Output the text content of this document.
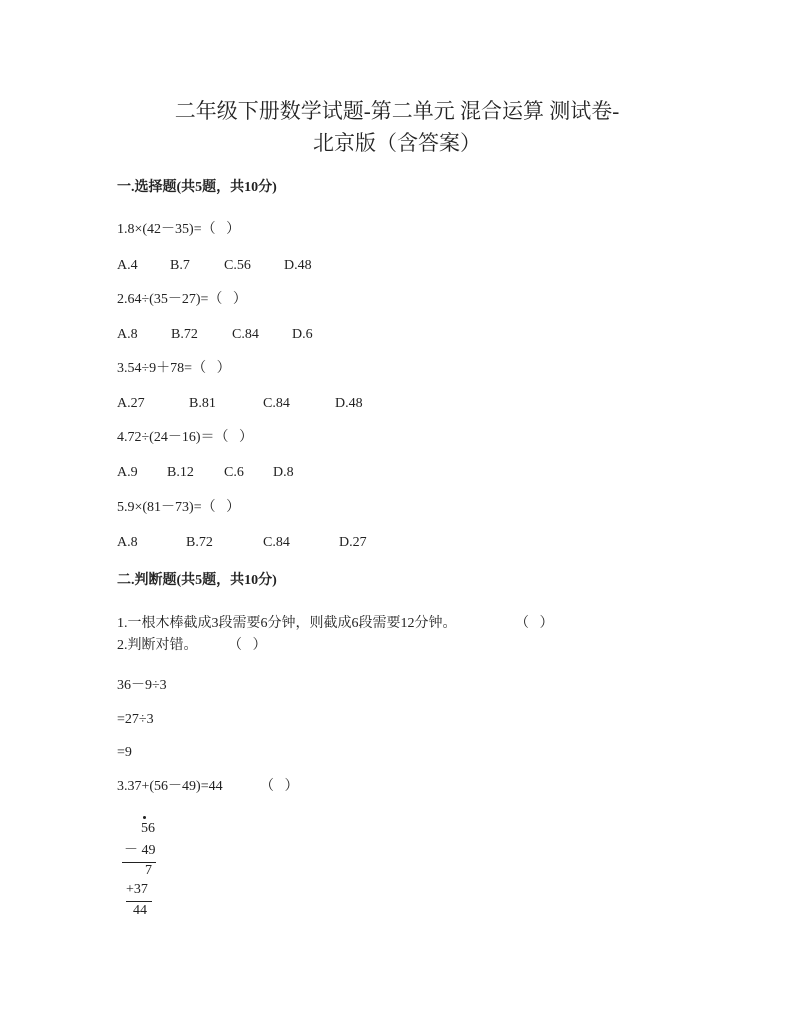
二年级下册数学试题-第二单元 混合运算 测试卷-
北京版（含答案）
一.选择题(共5题，共10分)
1.8×(42－35)=（   ）
A.4 B.7 C.56 D.48
2.64÷(35－27)=（   ）
A.8 B.72 C.84 D.6
3.54÷9＋78=（   ）
A.27	B.81	C.84	D.48
4.72÷(24－16)＝（   ）
A.9 B.12 C.6 D.8
5.9×(81－73)=（   ）
A.8	B.72	C.84	D.27
二.判断题(共5题，共10分)
1.一根木棒截成3段需要6分钟，则截成6段需要12分钟。	（   ）
2.判断对错。 （   ）
36－9÷3
=27÷3
=9
3.37+(56－49)=44	（   ）
56
－ 49
7
+37
44
